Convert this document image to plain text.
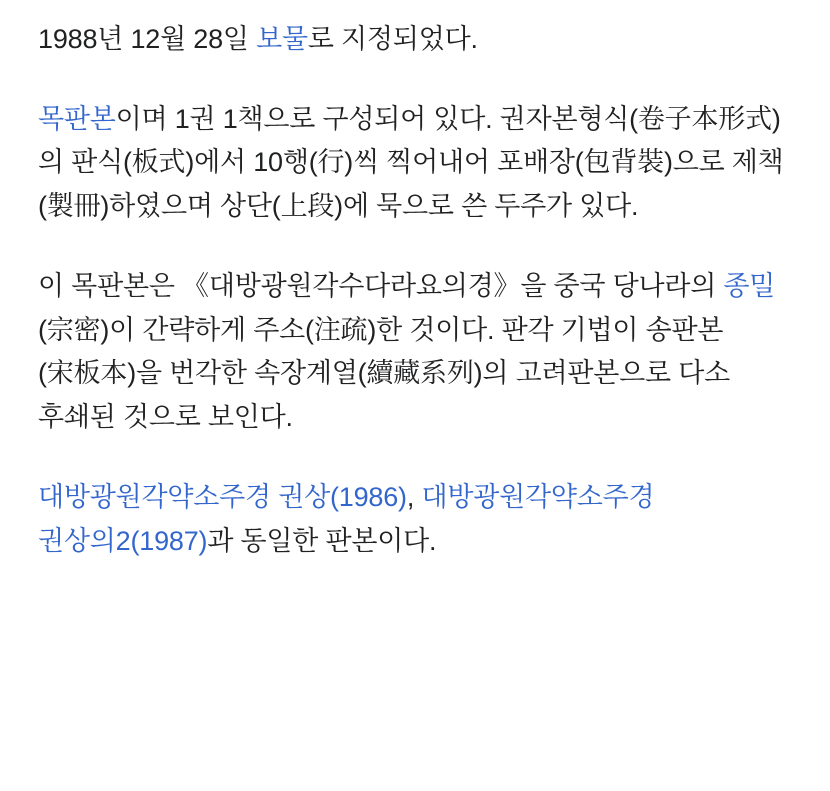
1988년 12월 28일 보물로 지정되었다.

목판본이며 1권 1책으로 구성되어 있다. 권자본형식(卷子本形式)의 판식(板式)에서 10행(行)씩 찍어내어 포배장(包背裝)으로 제책(製冊)하였으며 상단(上段)에 묵으로 쓴 두주가 있다.

이 목판본은 《대방광원각수다라요의경》을 중국 당나라의 종밀(宗密)이 간략하게 주소(注疏)한 것이다. 판각 기법이 송판본(宋板本)을 번각한 속장계열(續藏系列)의 고려판본으로 다소 후쇄된 것으로 보인다.

대방광원각약소주경 권상(1986), 대방광원각약소주경 권상의2(1987)과 동일한 판본이다.
